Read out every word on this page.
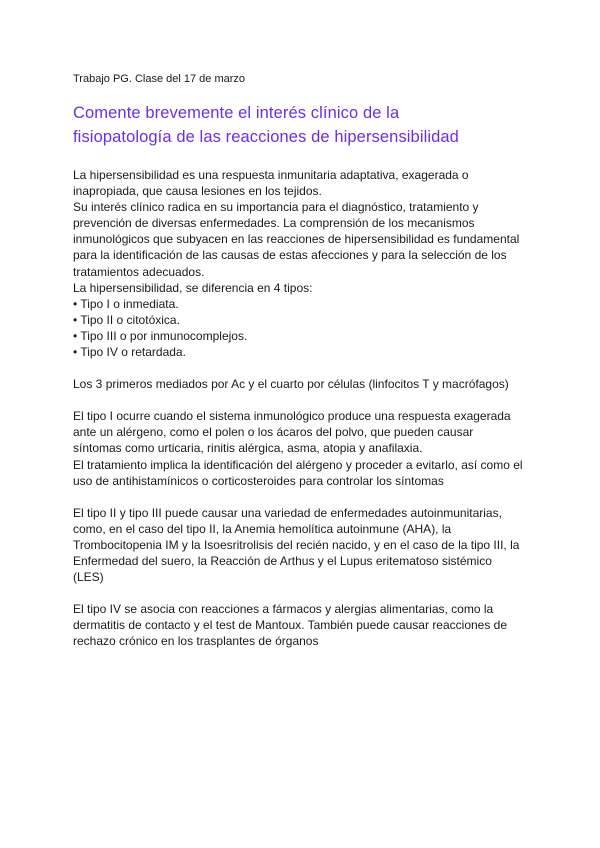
Trabajo PG. Clase del 17 de marzo
Comente brevemente el interés clínico de la
fisiopatología de las reacciones de hipersensibilidad
La hipersensibilidad es una respuesta inmunitaria adaptativa, exagerada o
inapropiada, que causa lesiones en los tejidos.
Su interés clínico radica en su importancia para el diagnóstico, tratamiento y
prevención de diversas enfermedades. La comprensión de los mecanismos
inmunológicos que subyacen en las reacciones de hipersensibilidad es fundamental
para la identificación de las causas de estas afecciones y para la selección de los
tratamientos adecuados.
La hipersensibilidad, se diferencia en 4 tipos:
• Tipo I o inmediata.
• Tipo II o citotóxica.
• Tipo III o por inmunocomplejos.
• Tipo IV o retardada.
Los 3 primeros mediados por Ac y el cuarto por células (linfocitos T y macrófagos)
El tipo I ocurre cuando el sistema inmunológico produce una respuesta exagerada
ante un alérgeno, como el polen o los ácaros del polvo, que pueden causar
síntomas como urticaria, rinitis alérgica, asma, atopia y anafilaxia.
El tratamiento implica la identificación del alérgeno y proceder a evitarlo, así como el
uso de antihistamínicos o corticosteroides para controlar los síntomas
El tipo II y tipo III puede causar una variedad de enfermedades autoinmunitarias,
como, en el caso del tipo II, la Anemia hemolítica autoinmune (AHA), la
Trombocitopenia IM y la Isoesritrolisis del recién nacido, y en el caso de la tipo III, la
Enfermedad del suero, la Reacción de Arthus y el Lupus eritematoso sistémico
(LES)
El tipo IV se asocia con reacciones a fármacos y alergias alimentarias, como la
dermatitis de contacto y el test de Mantoux. También puede causar reacciones de
rechazo crónico en los trasplantes de órganos
